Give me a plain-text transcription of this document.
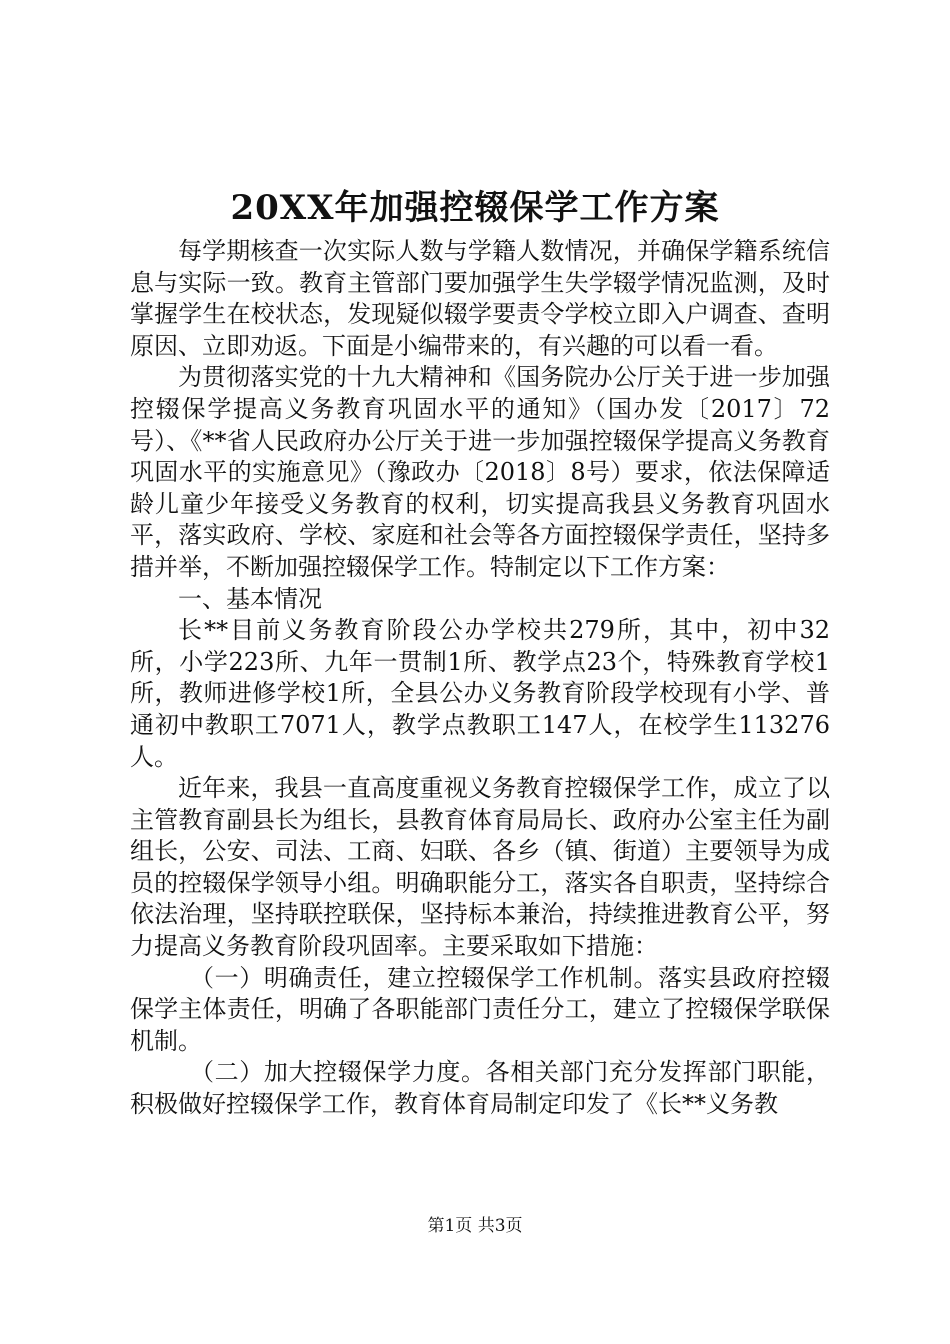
20XX年加强控辍保学工作方案

每学期核查一次实际人数与学籍人数情况，并确保学籍系统信息与实际一致。教育主管部门要加强学生失学辍学情况监测，及时掌握学生在校状态，发现疑似辍学要责令学校立即入户调查、查明原因、立即劝返。下面是小编带来的，有兴趣的可以看一看。

为贯彻落实党的十九大精神和《国务院办公厅关于进一步加强控辍保学提高义务教育巩固水平的通知》（国办发〔2017〕72号）、《**省人民政府办公厅关于进一步加强控辍保学提高义务教育巩固水平的实施意见》（豫政办〔2018〕8号）要求，依法保障适龄儿童少年接受义务教育的权利，切实提高我县义务教育巩固水平，落实政府、学校、家庭和社会等各方面控辍保学责任，坚持多措并举，不断加强控辍保学工作。特制定以下工作方案：

一、基本情况

长**目前义务教育阶段公办学校共279所，其中，初中32所，小学223所、九年一贯制1所、教学点23个，特殊教育学校1所，教师进修学校1所，全县公办义务教育阶段学校现有小学、普通初中教职工7071人，教学点教职工147人，在校学生113276人。

近年来，我县一直高度重视义务教育控辍保学工作，成立了以主管教育副县长为组长，县教育体育局局长、政府办公室主任为副组长，公安、司法、工商、妇联、各乡（镇、街道）主要领导为成员的控辍保学领导小组。明确职能分工，落实各自职责，坚持综合依法治理，坚持联控联保，坚持标本兼治，持续推进教育公平，努力提高义务教育阶段巩固率。主要采取如下措施：

（一）明确责任，建立控辍保学工作机制。落实县政府控辍保学主体责任，明确了各职能部门责任分工，建立了控辍保学联保机制。

（二）加大控辍保学力度。各相关部门充分发挥部门职能，积极做好控辍保学工作，教育体育局制定印发了《长**义务教

第1页 共3页
